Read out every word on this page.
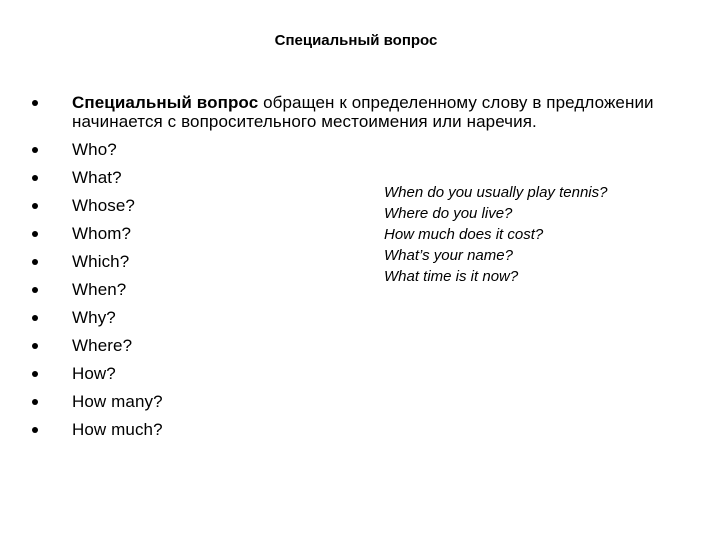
Специальный вопрос
Специальный вопрос обращен к определенному слову в предложении начинается с вопросительного местоимения или наречия.
Who?
What?
Whose?
Whom?
Which?
When?
Why?
Where?
How?
How many?
How much?
When do you usually play tennis?
Where do you live?
How much does it cost?
What’s your name?
What time is it now?
